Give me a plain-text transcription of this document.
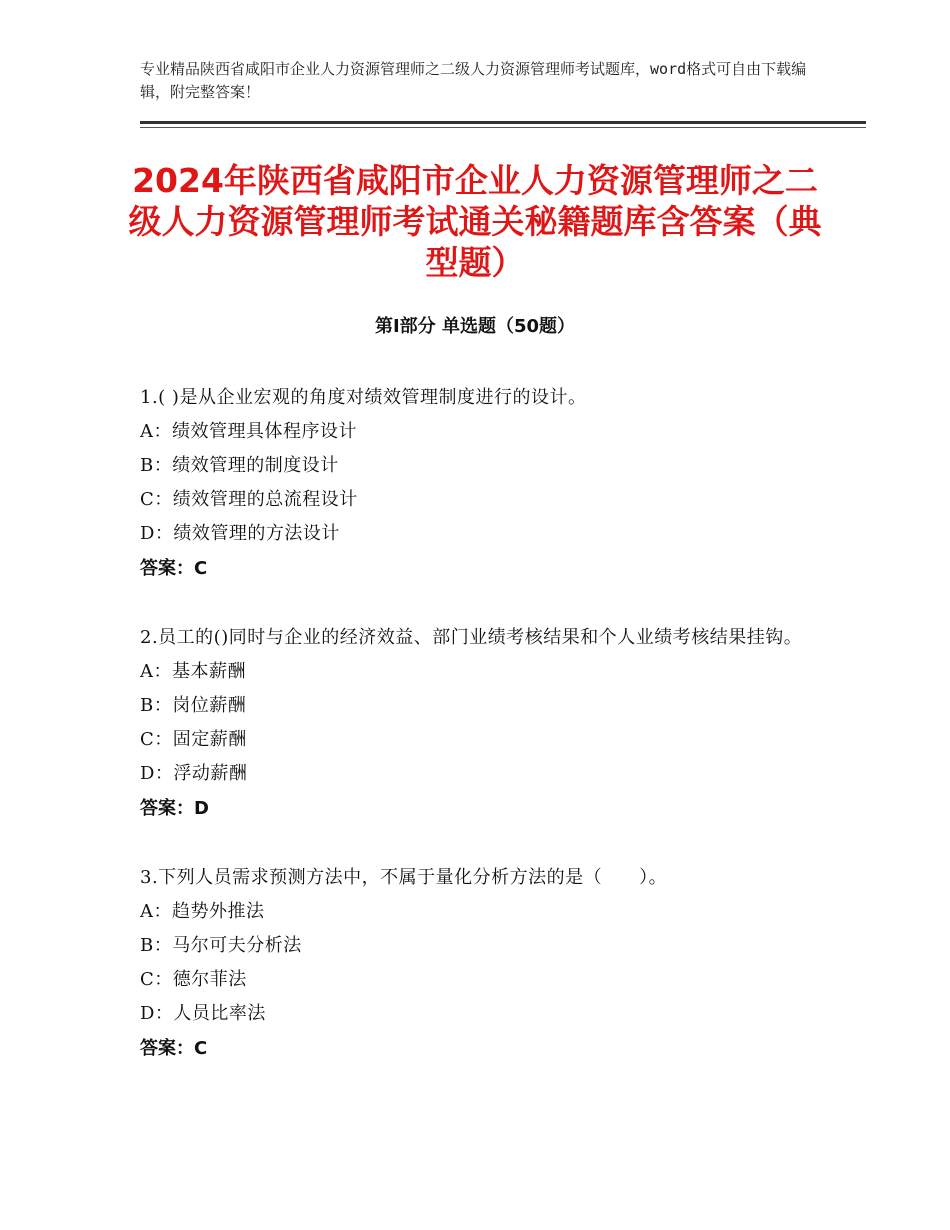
专业精品陕西省咸阳市企业人力资源管理师之二级人力资源管理师考试题库，word格式可自由下载编辑，附完整答案！
2024年陕西省咸阳市企业人力资源管理师之二级人力资源管理师考试通关秘籍题库含答案（典型题）
第Ⅰ部分 单选题（50题）
1.( )是从企业宏观的角度对绩效管理制度进行的设计。
A：绩效管理具体程序设计
B：绩效管理的制度设计
C：绩效管理的总流程设计
D：绩效管理的方法设计
答案：C
2.员工的()同时与企业的经济效益、部门业绩考核结果和个人业绩考核结果挂钩。
A：基本薪酬
B：岗位薪酬
C：固定薪酬
D：浮动薪酬
答案：D
3.下列人员需求预测方法中，不属于量化分析方法的是（　　）。
A：趋势外推法
B：马尔可夫分析法
C：德尔菲法
D：人员比率法
答案：C
